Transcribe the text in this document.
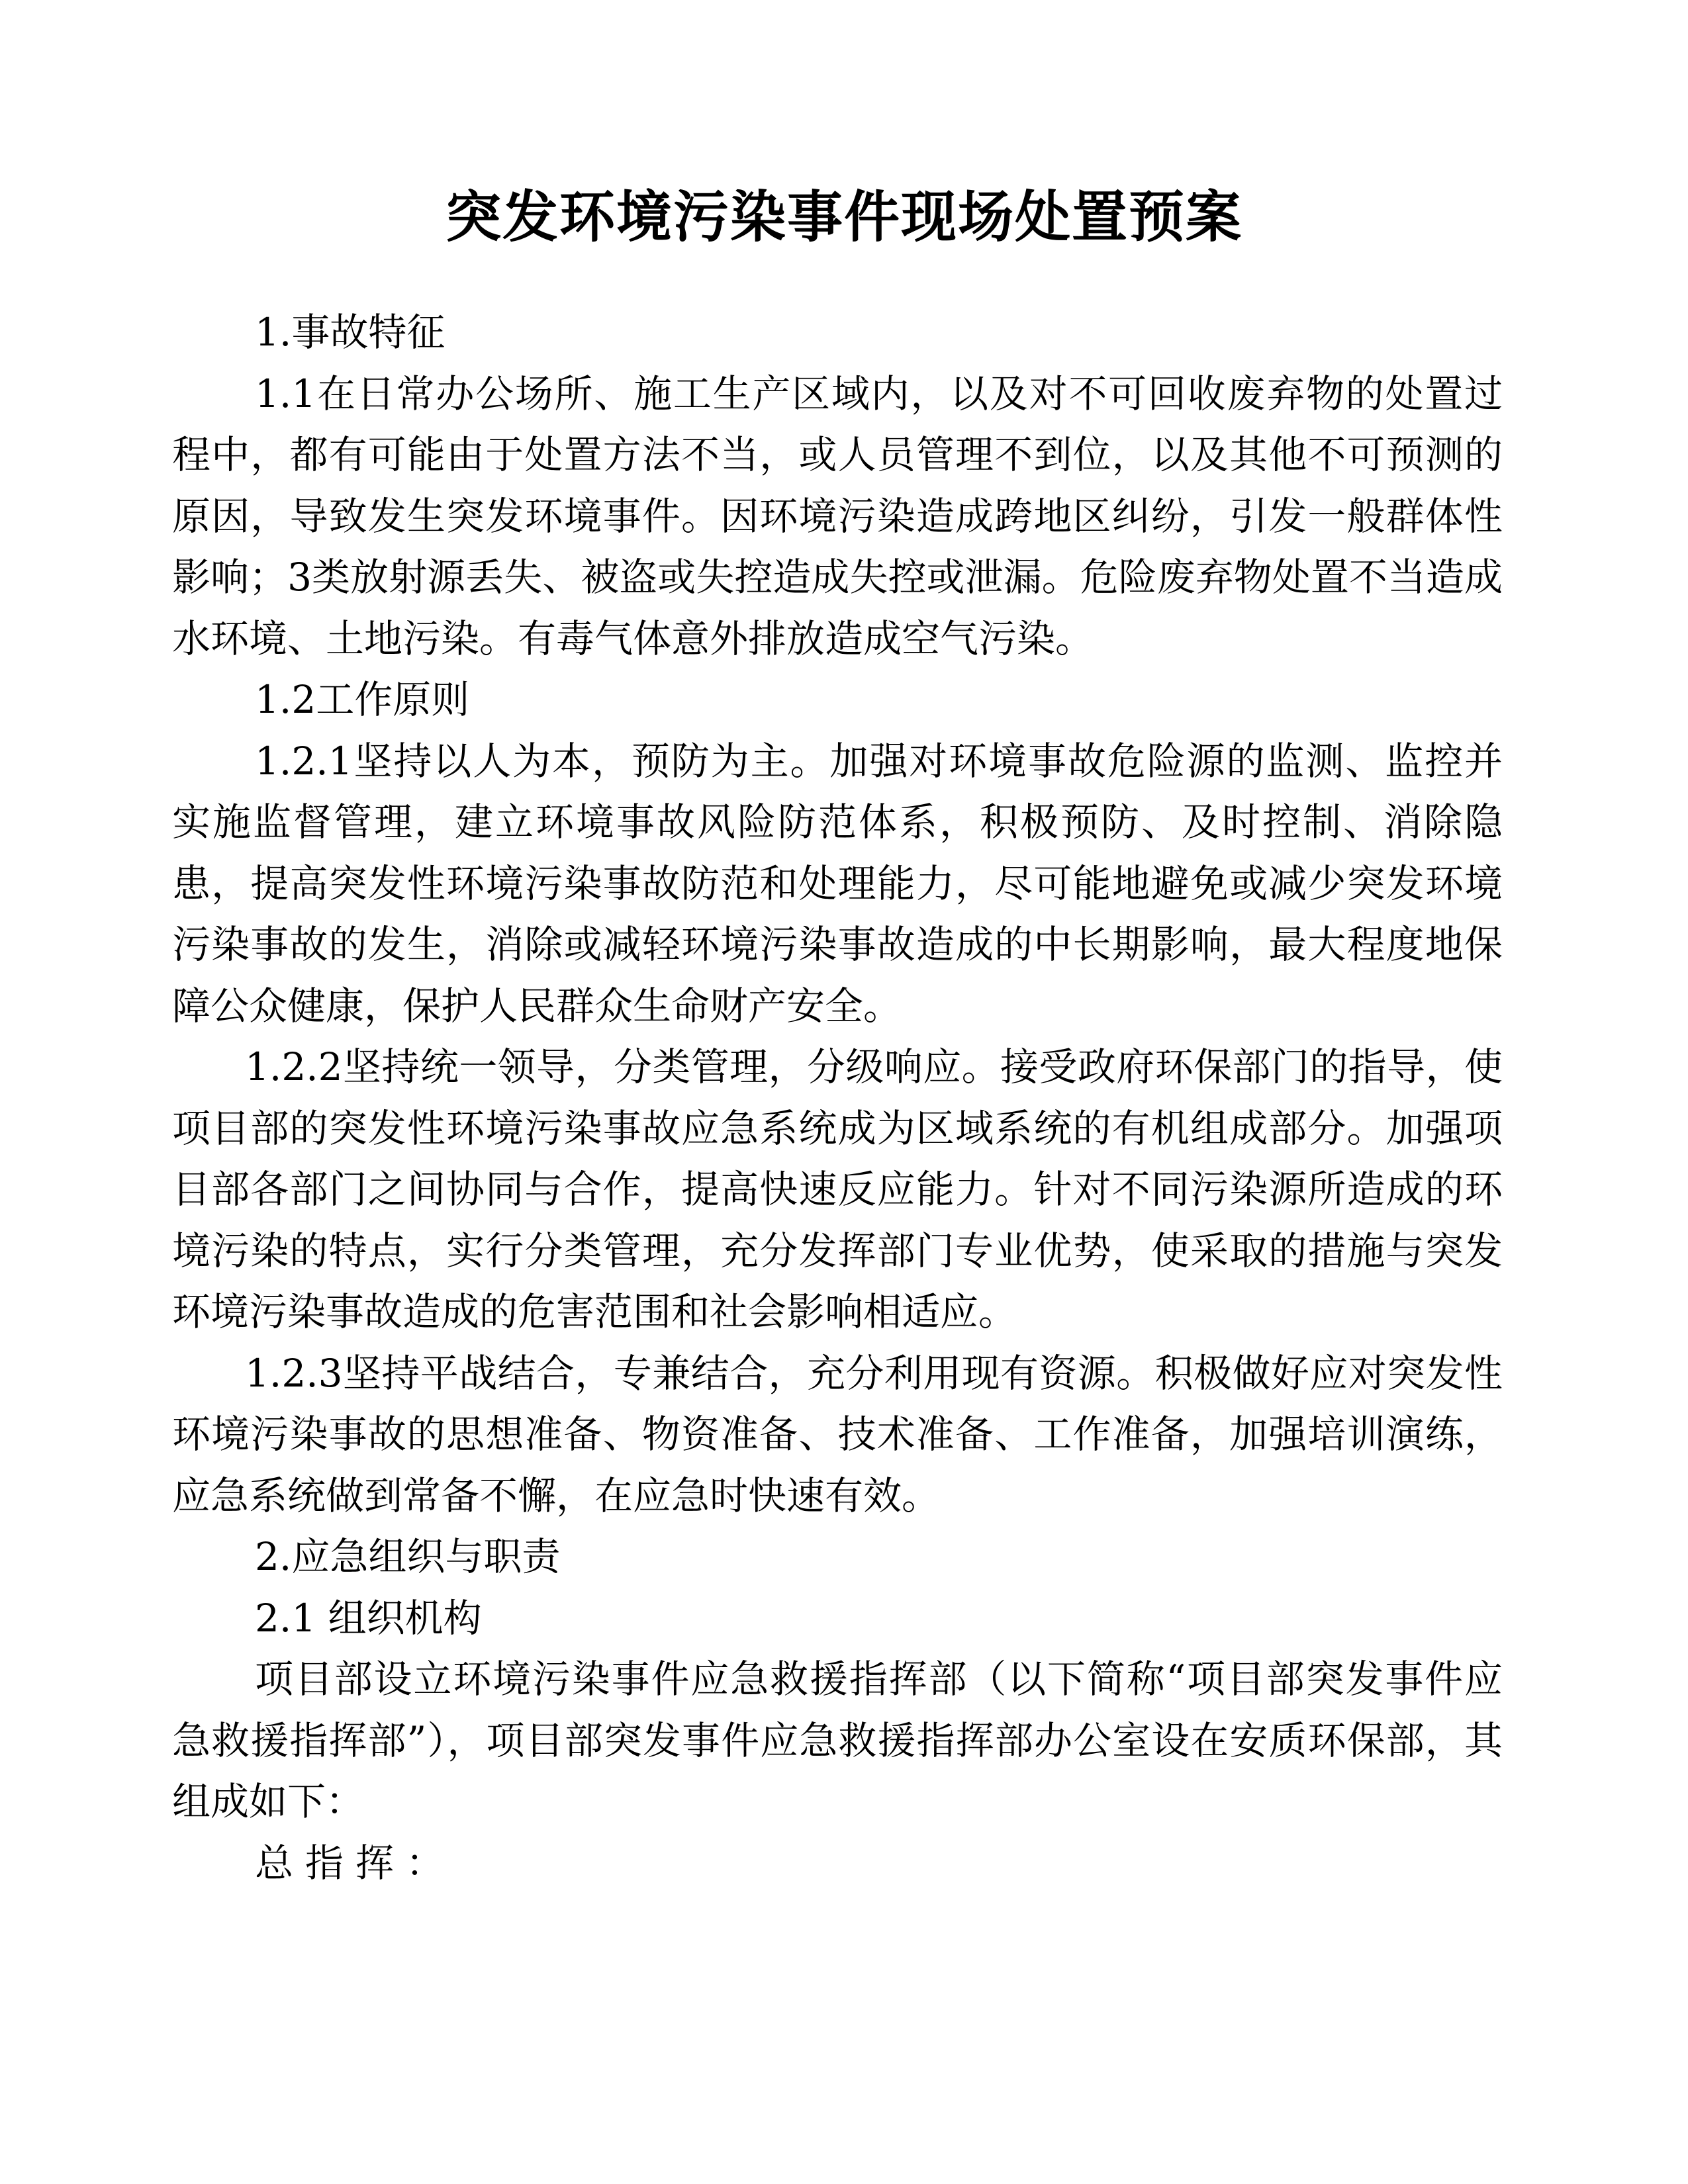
突发环境污染事件现场处置预案

1.事故特征

1.1在日常办公场所、施工生产区域内，以及对不可回收废弃物的处置过程中，都有可能由于处置方法不当，或人员管理不到位，以及其他不可预测的原因，导致发生突发环境事件。因环境污染造成跨地区纠纷，引发一般群体性影响；3类放射源丢失、被盗或失控造成失控或泄漏。危险废弃物处置不当造成水环境、土地污染。有毒气体意外排放造成空气污染。

1.2工作原则

1.2.1坚持以人为本，预防为主。加强对环境事故危险源的监测、监控并实施监督管理，建立环境事故风险防范体系，积极预防、及时控制、消除隐患，提高突发性环境污染事故防范和处理能力，尽可能地避免或减少突发环境污染事故的发生，消除或减轻环境污染事故造成的中长期影响，最大程度地保障公众健康，保护人民群众生命财产安全。

1.2.2坚持统一领导，分类管理，分级响应。接受政府环保部门的指导，使项目部的突发性环境污染事故应急系统成为区域系统的有机组成部分。加强项目部各部门之间协同与合作，提高快速反应能力。针对不同污染源所造成的环境污染的特点，实行分类管理，充分发挥部门专业优势，使采取的措施与突发环境污染事故造成的危害范围和社会影响相适应。

1.2.3坚持平战结合，专兼结合，充分利用现有资源。积极做好应对突发性环境污染事故的思想准备、物资准备、技术准备、工作准备，加强培训演练，应急系统做到常备不懈，在应急时快速有效。

2.应急组织与职责

2.1 组织机构

项目部设立环境污染事件应急救援指挥部（以下简称“项目部突发事件应急救援指挥部”），项目部突发事件应急救援指挥部办公室设在安质环保部，其组成如下：

总指挥：
